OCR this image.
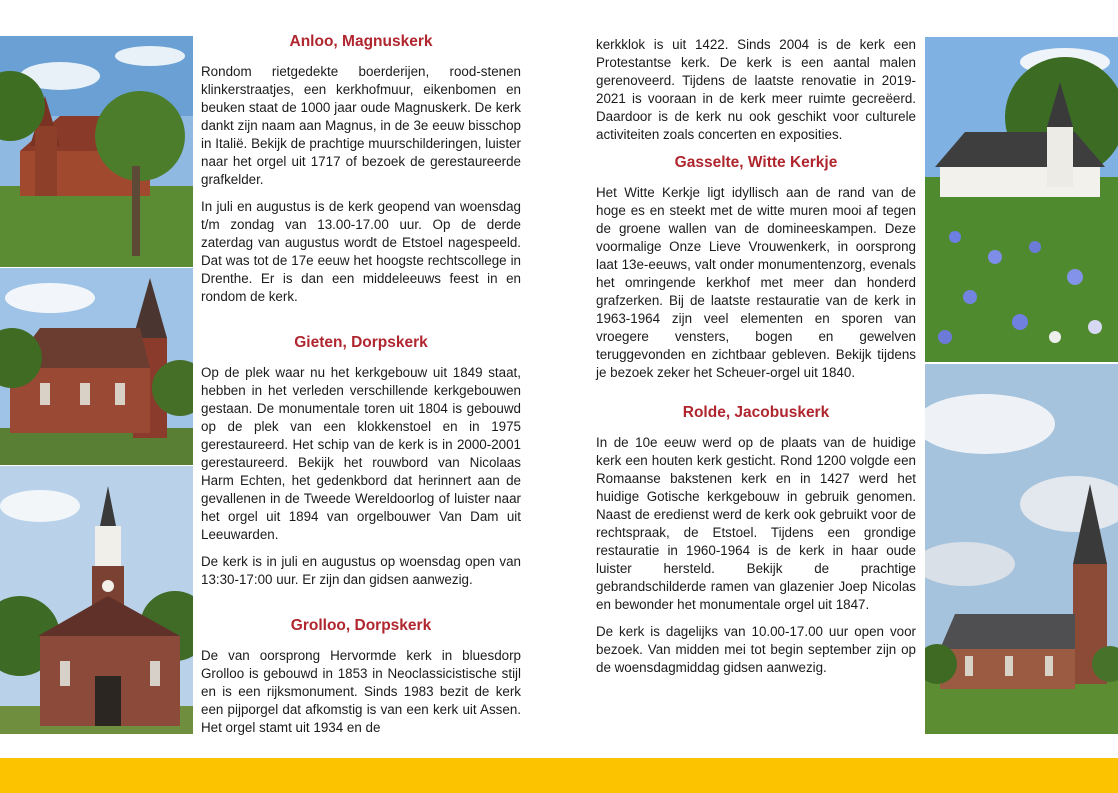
Anloo, Magnuskerk

Rondom rietgedekte boerderijen, rood-stenen klinkerstraatjes, een kerkhofmuur, eikenbomen en beuken staat de 1000 jaar oude Magnuskerk. De kerk dankt zijn naam aan Magnus, in de 3e eeuw bisschop in Italië. Bekijk de prachtige muurschilderingen, luister naar het orgel uit 1717 of bezoek de gerestaureerde grafkelder.

In juli en augustus is de kerk geopend van woensdag t/m zondag van 13.00-17.00 uur. Op de derde zaterdag van augustus wordt de Etstoel nagespeeld. Dat was tot de 17e eeuw het hoogste rechtscollege in Drenthe. Er is dan een middeleeuws feest in en rondom de kerk.

Gieten, Dorpskerk

Op de plek waar nu het kerkgebouw uit 1849 staat, hebben in het verleden verschillende kerkgebouwen gestaan. De monumentale toren uit 1804 is gebouwd op de plek van een klokkenstoel en in 1975 gerestaureerd. Het schip van de kerk is in 2000-2001 gerestaureerd. Bekijk het rouwbord van Nicolaas Harm Echten, het gedenkbord dat herinnert aan de gevallenen in de Tweede Wereldoorlog of luister naar het orgel uit 1894 van orgelbouwer Van Dam uit Leeuwarden.

De kerk is in juli en augustus op woensdag open van 13:30-17:00 uur. Er zijn dan gidsen aanwezig.

Grolloo, Dorpskerk

De van oorsprong Hervormde kerk in bluesdorp Grolloo is gebouwd in 1853 in Neoclassicistische stijl en is een rijksmonument. Sinds 1983 bezit de kerk een pijporgel dat afkomstig is van een kerk uit Assen. Het orgel stamt uit 1934 en de

kerkklok is uit 1422. Sinds 2004 is de kerk een Protestantse kerk. De kerk is een aantal malen gerenoveerd. Tijdens de laatste renovatie in 2019-2021 is vooraan in de kerk meer ruimte gecreëerd. Daardoor is de kerk nu ook geschikt voor culturele activiteiten zoals concerten en exposities.

Gasselte, Witte Kerkje

Het Witte Kerkje ligt idyllisch aan de rand van de hoge es en steekt met de witte muren mooi af tegen de groene wallen van de domineeskampen. Deze voormalige Onze Lieve Vrouwenkerk, in oorsprong laat 13e-eeuws, valt onder monumentenzorg, evenals het omringende kerkhof met meer dan honderd grafzerken. Bij de laatste restauratie van de kerk in 1963-1964 zijn veel elementen en sporen van vroegere vensters, bogen en gewelven teruggevonden en zichtbaar gebleven. Bekijk tijdens je bezoek zeker het Scheuer-orgel uit 1840.

Rolde, Jacobuskerk

In de 10e eeuw werd op de plaats van de huidige kerk een houten kerk gesticht. Rond 1200 volgde een Romaanse bakstenen kerk en in 1427 werd het huidige Gotische kerkgebouw in gebruik genomen. Naast de eredienst werd de kerk ook gebruikt voor de rechtspraak, de Etstoel. Tijdens een grondige restauratie in 1960-1964 is de kerk in haar oude luister hersteld. Bekijk de prachtige gebrandschilderde ramen van glazenier Joep Nicolas en bewonder het monumentale orgel uit 1847.

De kerk is dagelijks van 10.00-17.00 uur open voor bezoek. Van midden mei tot begin september zijn op de woensdagmiddag gidsen aanwezig.
